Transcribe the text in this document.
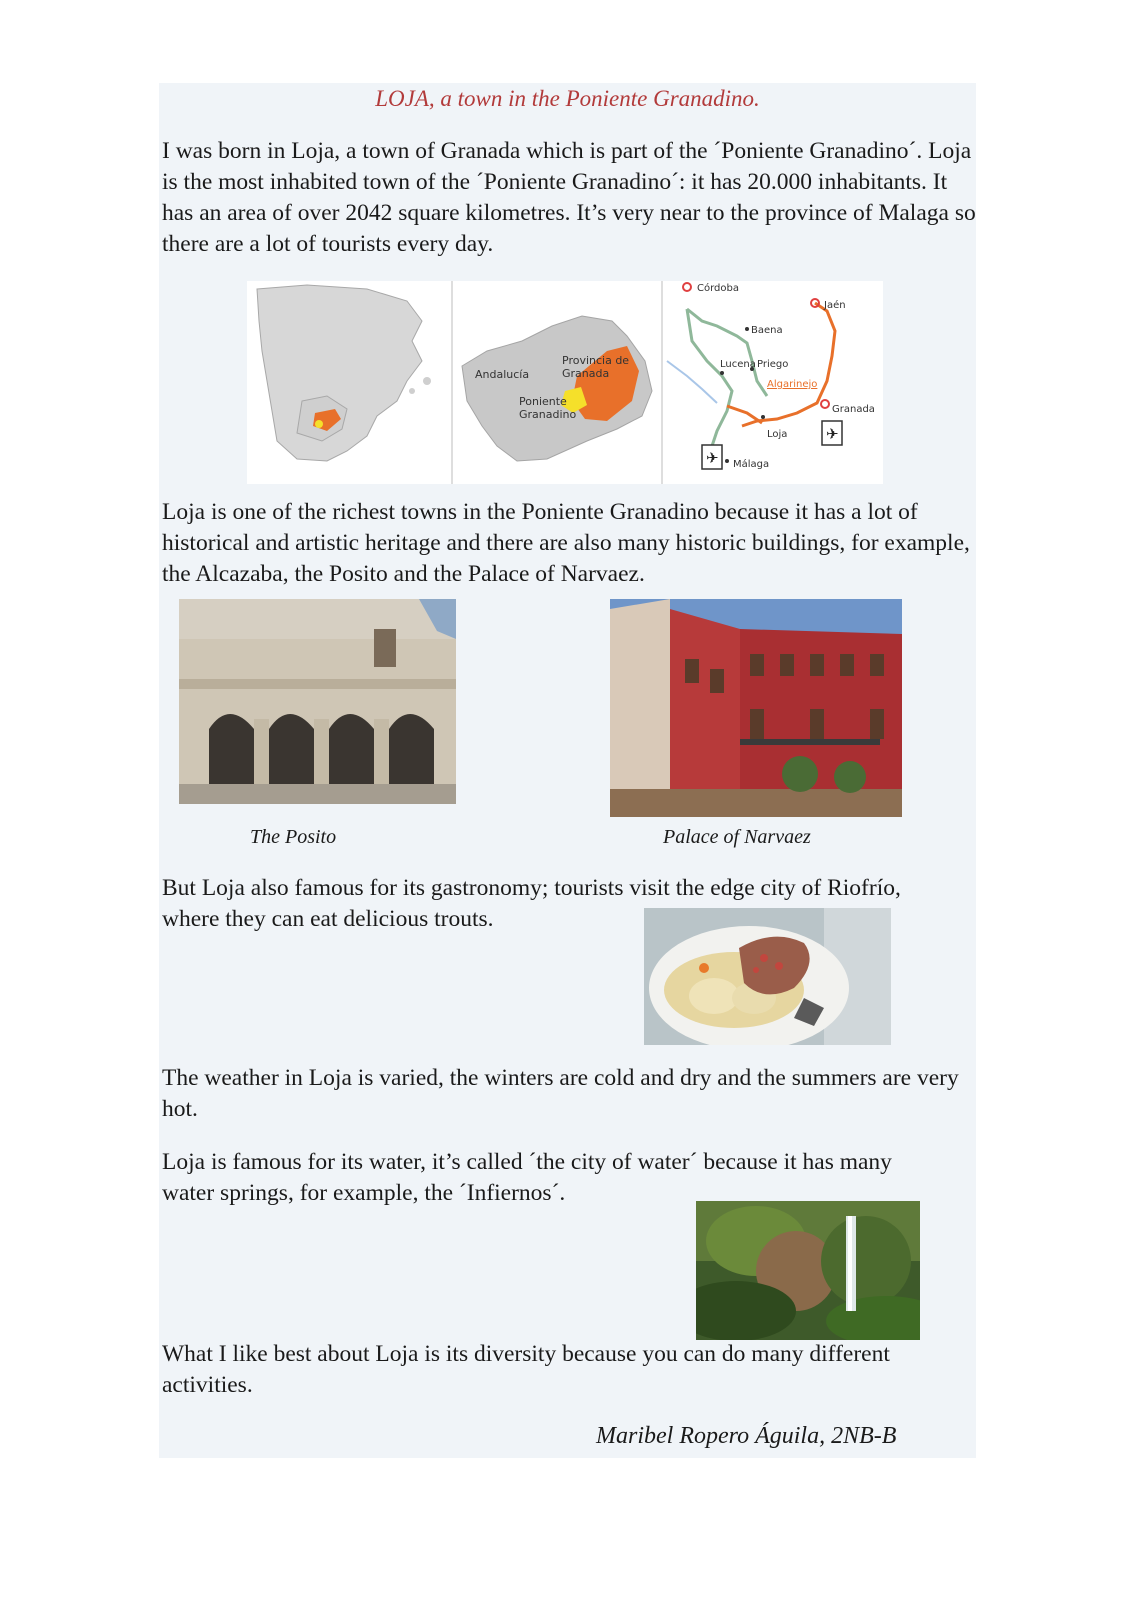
LOJA, a town in the Poniente Granadino.

I was born in Loja, a town of Granada which is part of the ´Poniente Granadino´. Loja is the most inhabited town of the ´Poniente Granadino´: it has 20.000 inhabitants. It has an area of over 2042 square kilometres. It’s very near to the province of Malaga so there are a lot of tourists every day.

Andalucía
Provincia de
Granada
Poniente
Granadino
Córdoba
Jaén
Baena
Lucena Priego
Algarinejo
Granada
Loja
Málaga
✈
✈

Loja is one of the richest towns in the Poniente Granadino because it has a lot of historical and artistic heritage and there are also many historic buildings, for example, the Alcazaba, the Posito and the Palace of Narvaez.

The Posito	Palace of Narvaez

But Loja also famous for its gastronomy; tourists visit the edge city of Riofrío, where they can eat delicious trouts.

The weather in Loja is varied, the winters are cold and dry and the summers are very hot.

Loja is famous for its water, it’s called ´the city of water´ because it has many water springs, for example, the ´Infiernos´.

What I like best about Loja is its diversity because you can do many different activities.

Maribel Ropero Águila, 2NB-B
